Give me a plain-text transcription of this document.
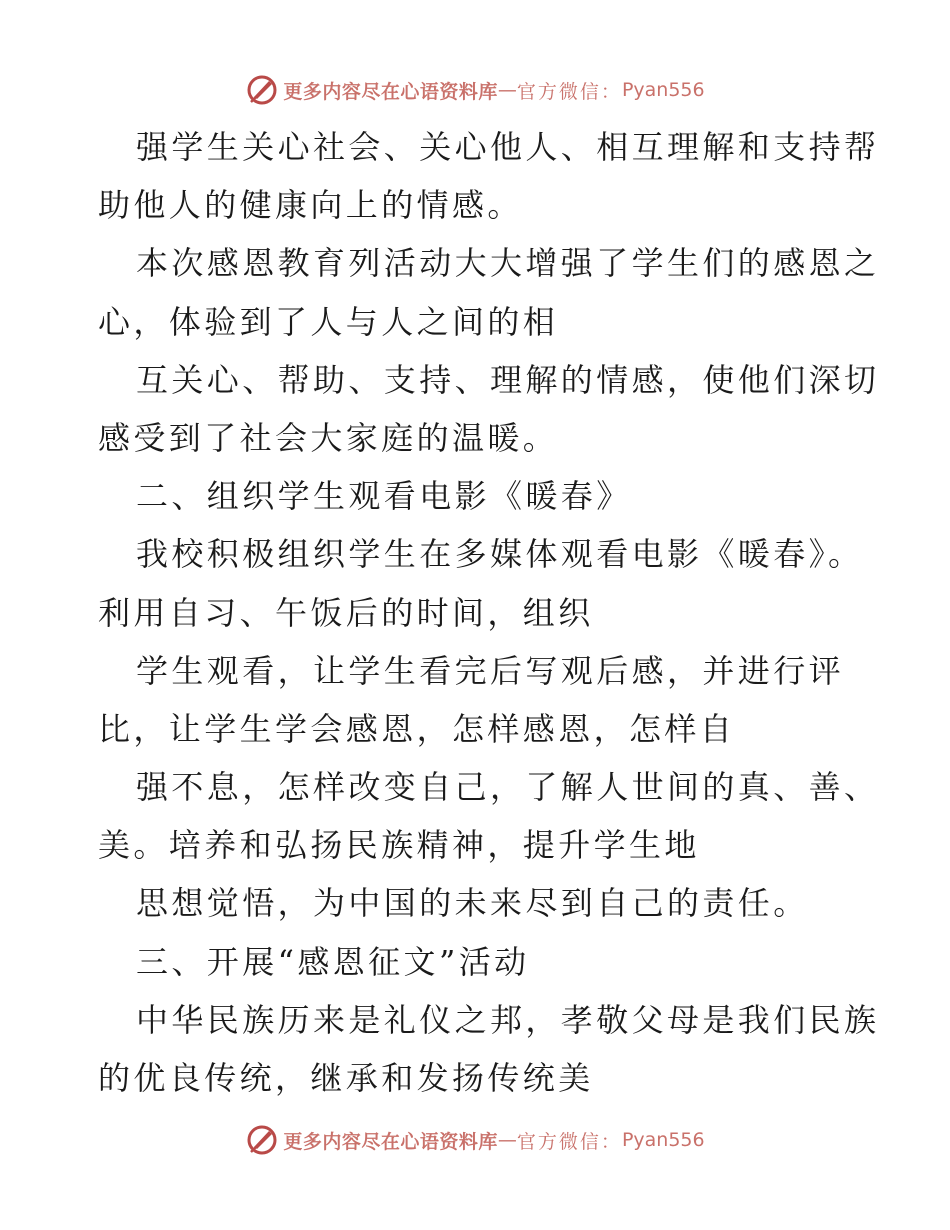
更多内容尽在心语资料库 — 官方微信： Pyan556
强学生关心社会、关心他人、相互理解和支持帮
助他人的健康向上的情感。
本次感恩教育列活动大大增强了学生们的感恩之
心，体验到了人与人之间的相
互关心、帮助、支持、理解的情感，使他们深切
感受到了社会大家庭的温暖。
二、组织学生观看电影《暖春》
我校积极组织学生在多媒体观看电影《暖春》。
利用自习、午饭后的时间，组织
学生观看，让学生看完后写观后感，并进行评
比，让学生学会感恩，怎样感恩，怎样自
强不息，怎样改变自己，了解人世间的真、善、
美。培养和弘扬民族精神，提升学生地
思想觉悟，为中国的未来尽到自己的责任。
三、开展“感恩征文”活动
中华民族历来是礼仪之邦，孝敬父母是我们民族
的优良传统，继承和发扬传统美
更多内容尽在心语资料库 — 官方微信： Pyan556
